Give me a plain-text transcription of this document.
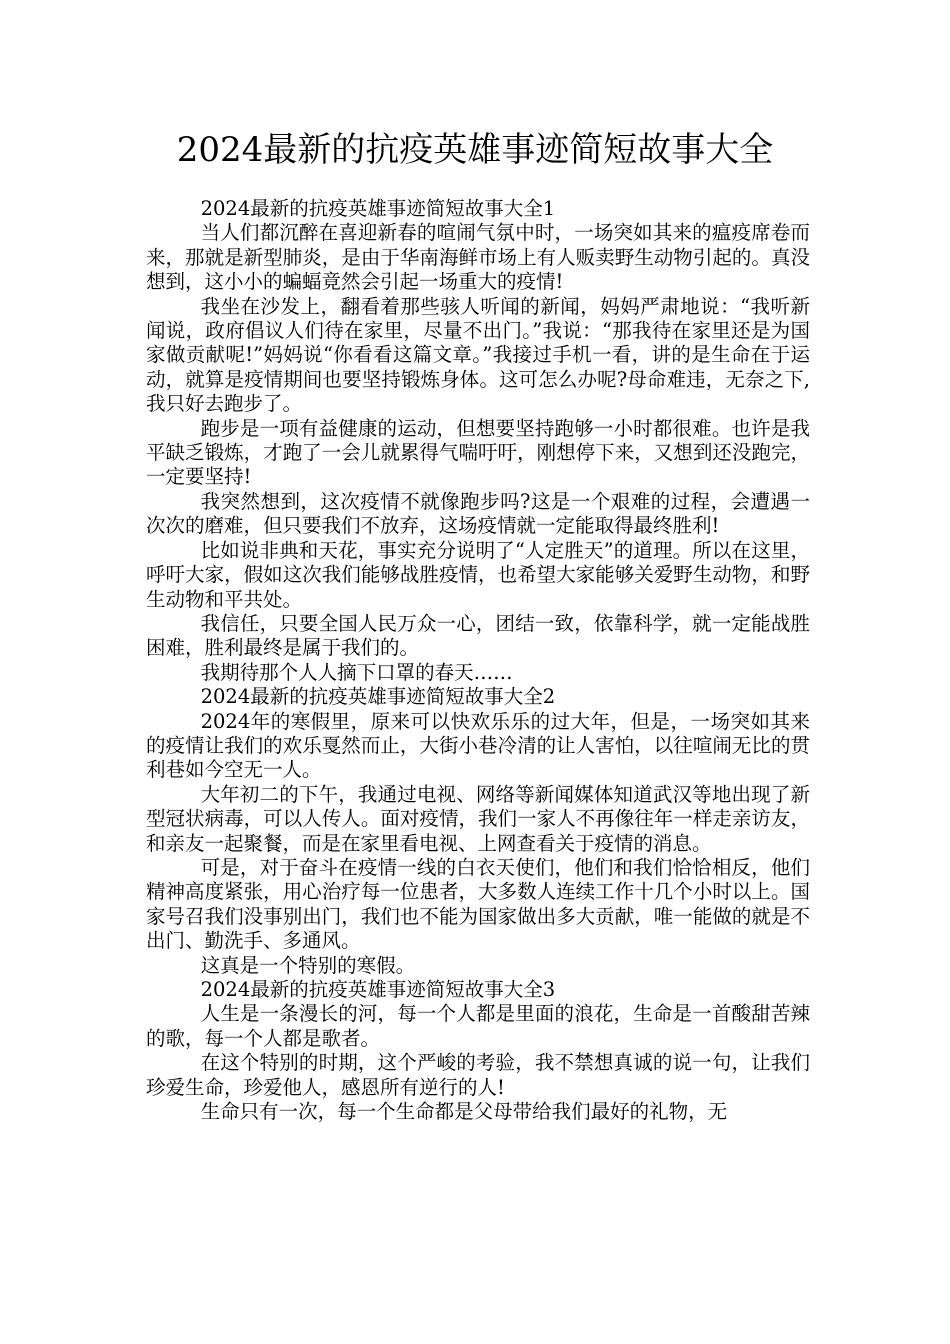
2024最新的抗疫英雄事迹简短故事大全

2024最新的抗疫英雄事迹简短故事大全1

当人们都沉醉在喜迎新春的喧闹气氛中时，一场突如其来的瘟疫席卷而来，那就是新型肺炎，是由于华南海鲜市场上有人贩卖野生动物引起的。真没想到，这小小的蝙蝠竟然会引起一场重大的疫情!

我坐在沙发上，翻看着那些骇人听闻的新闻，妈妈严肃地说：“我听新闻说，政府倡议人们待在家里，尽量不出门。”我说：“那我待在家里还是为国家做贡献呢!”妈妈说“你看看这篇文章。”我接过手机一看，讲的是生命在于运动，就算是疫情期间也要坚持锻炼身体。这可怎么办呢?母命难违，无奈之下,我只好去跑步了。

跑步是一项有益健康的运动，但想要坚持跑够一小时都很难。也许是我平缺乏锻炼，才跑了一会儿就累得气喘吁吁，刚想停下来，又想到还没跑完，一定要坚持!

我突然想到，这次疫情不就像跑步吗?这是一个艰难的过程，会遭遇一次次的磨难，但只要我们不放弃，这场疫情就一定能取得最终胜利!

比如说非典和天花，事实充分说明了“人定胜天”的道理。所以在这里，呼吁大家，假如这次我们能够战胜疫情，也希望大家能够关爱野生动物，和野生动物和平共处。

我信任，只要全国人民万众一心，团结一致，依靠科学，就一定能战胜困难，胜利最终是属于我们的。

我期待那个人人摘下口罩的春天……

2024最新的抗疫英雄事迹简短故事大全2

2024年的寒假里，原来可以快欢乐乐的过大年，但是，一场突如其来的疫情让我们的欢乐戛然而止，大街小巷冷清的让人害怕，以往喧闹无比的贯利巷如今空无一人。

大年初二的下午，我通过电视、网络等新闻媒体知道武汉等地出现了新型冠状病毒，可以人传人。面对疫情，我们一家人不再像往年一样走亲访友，和亲友一起聚餐，而是在家里看电视、上网查看关于疫情的消息。

可是，对于奋斗在疫情一线的白衣天使们，他们和我们恰恰相反，他们精神高度紧张，用心治疗每一位患者，大多数人连续工作十几个小时以上。国家号召我们没事别出门，我们也不能为国家做出多大贡献，唯一能做的就是不出门、勤洗手、多通风。

这真是一个特别的寒假。

2024最新的抗疫英雄事迹简短故事大全3

人生是一条漫长的河，每一个人都是里面的浪花，生命是一首酸甜苦辣的歌，每一个人都是歌者。

在这个特别的时期，这个严峻的考验，我不禁想真诚的说一句，让我们珍爱生命，珍爱他人，感恩所有逆行的人!

生命只有一次，每一个生命都是父母带给我们最好的礼物，无
